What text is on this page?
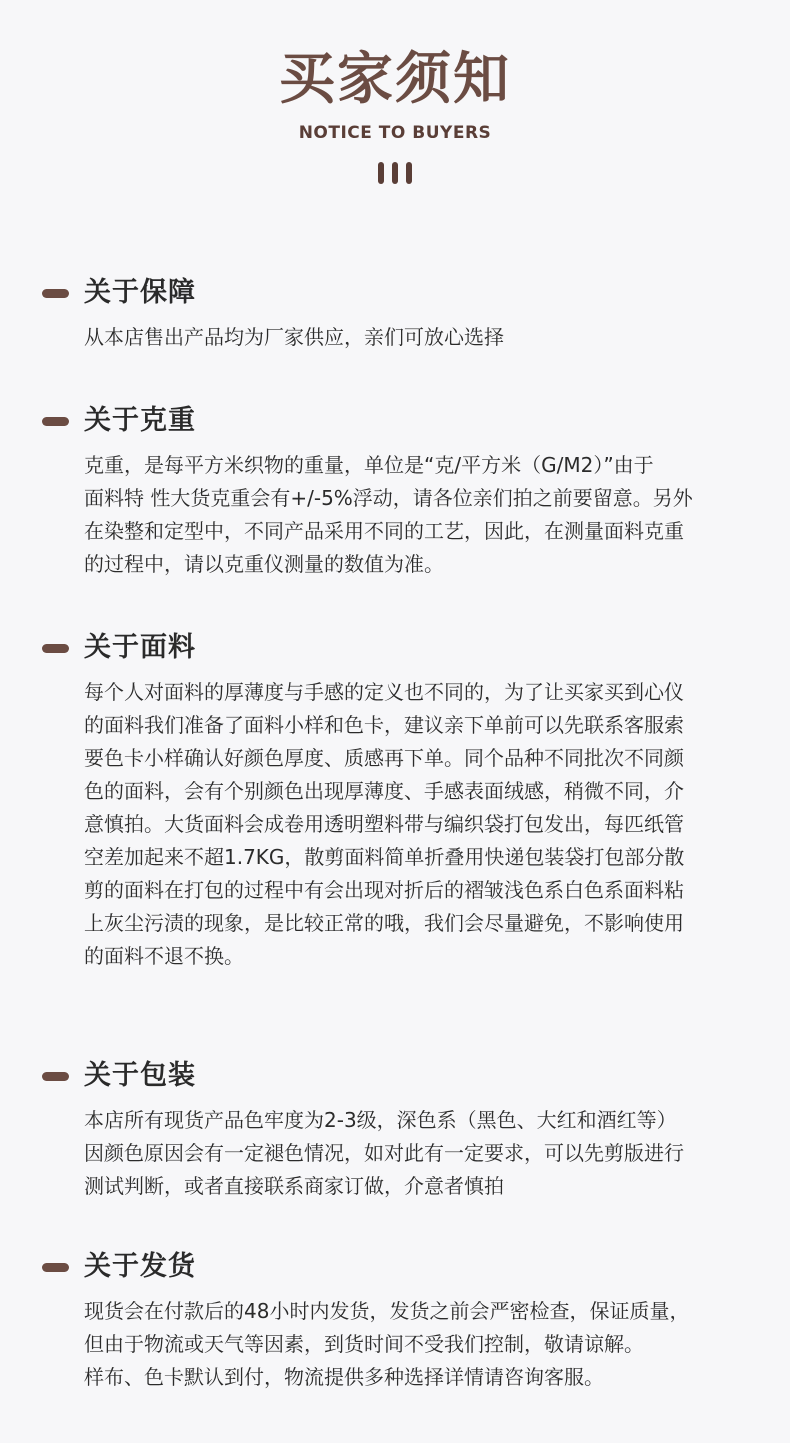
买家须知
NOTICE TO BUYERS
关于保障
从本店售出产品均为厂家供应，亲们可放心选择
关于克重
克重，是每平方米织物的重量，单位是“克/平方米（G/M2）”由于
面料特 性大货克重会有+/-5%浮动，请各位亲们拍之前要留意。另外
在染整和定型中，不同产品采用不同的工艺，因此，在测量面料克重
的过程中，请以克重仪测量的数值为准。
关于面料
每个人对面料的厚薄度与手感的定义也不同的，为了让买家买到心仪
的面料我们准备了面料小样和色卡，建议亲下单前可以先联系客服索
要色卡小样确认好颜色厚度、质感再下单。同个品种不同批次不同颜
色的面料，会有个别颜色出现厚薄度、手感表面绒感，稍微不同，介
意慎拍。大货面料会成卷用透明塑料带与编织袋打包发出，每匹纸管
空差加起来不超1.7KG，散剪面料简单折叠用快递包装袋打包部分散
剪的面料在打包的过程中有会出现对折后的褶皱浅色系白色系面料粘
上灰尘污渍的现象，是比较正常的哦，我们会尽量避免，不影响使用
的面料不退不换。
关于包装
本店所有现货产品色牢度为2-3级，深色系（黑色、大红和酒红等）
因颜色原因会有一定褪色情况，如对此有一定要求，可以先剪版进行
测试判断，或者直接联系商家订做，介意者慎拍
关于发货
现货会在付款后的48小时内发货，发货之前会严密检查，保证质量，
但由于物流或天气等因素，到货时间不受我们控制，敬请谅解。
样布、色卡默认到付，物流提供多种选择详情请咨询客服。
